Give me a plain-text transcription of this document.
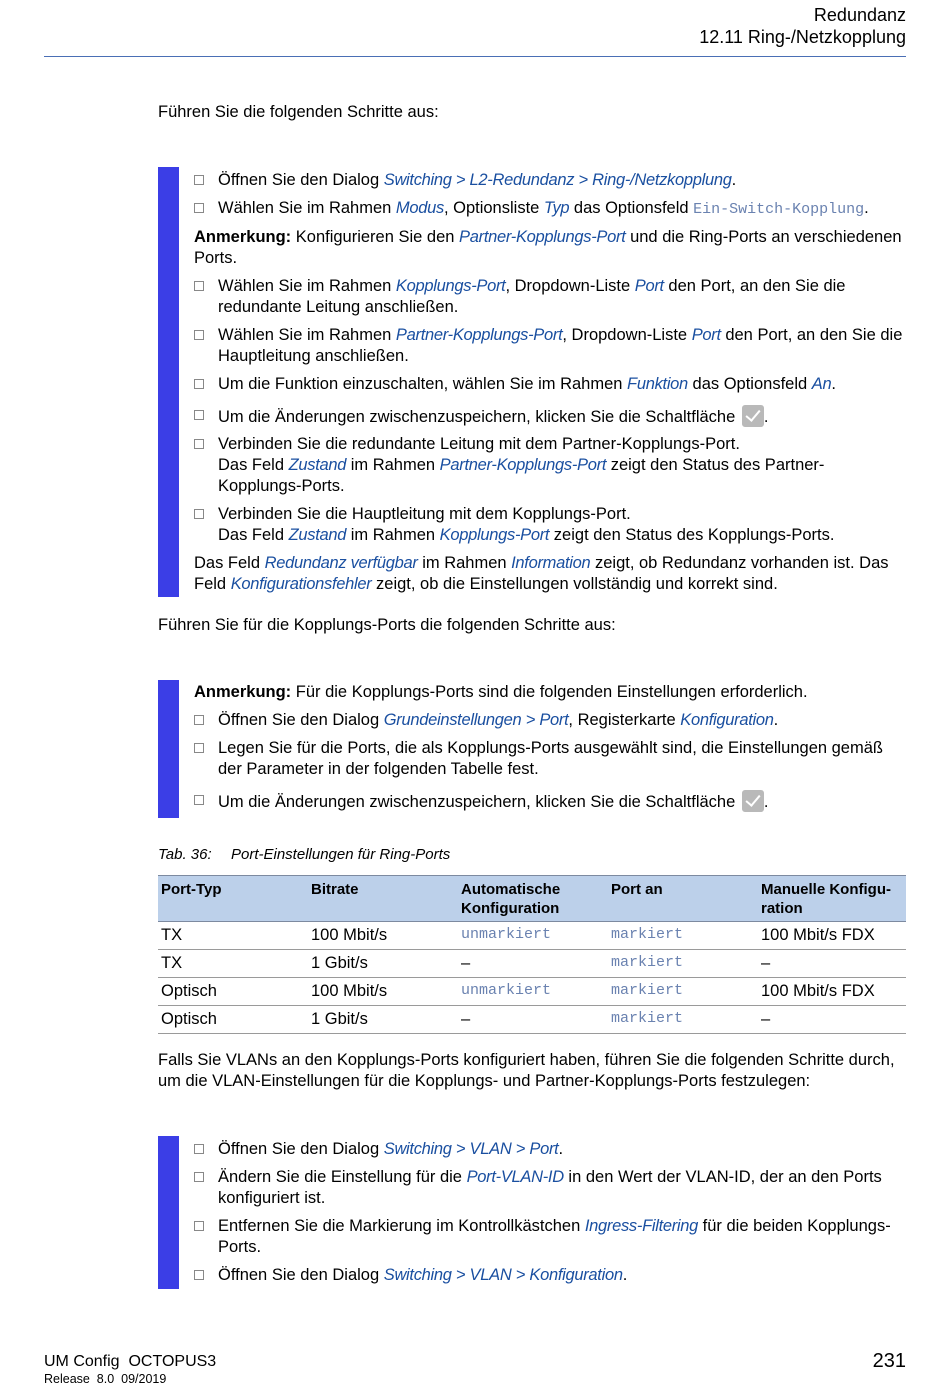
Redundanz
12.11 Ring-/Netzkopplung
Führen Sie die folgenden Schritte aus:
Öffnen Sie den Dialog Switching > L2-Redundanz > Ring-/Netzkopplung.
Wählen Sie im Rahmen Modus, Optionsliste Typ das Optionsfeld Ein-Switch-Kopplung.
Anmerkung: Konfigurieren Sie den Partner-Kopplungs-Port und die Ring-Ports an verschiedenen Ports.
Wählen Sie im Rahmen Kopplungs-Port, Dropdown-Liste Port den Port, an den Sie die redundante Leitung anschließen.
Wählen Sie im Rahmen Partner-Kopplungs-Port, Dropdown-Liste Port den Port, an den Sie die Hauptleitung anschließen.
Um die Funktion einzuschalten, wählen Sie im Rahmen Funktion das Optionsfeld An.
Um die Änderungen zwischenzuspeichern, klicken Sie die Schaltfläche .
Verbinden Sie die redundante Leitung mit dem Partner-Kopplungs-Port.
Das Feld Zustand im Rahmen Partner-Kopplungs-Port zeigt den Status des Partner-Kopplungs-Ports.
Verbinden Sie die Hauptleitung mit dem Kopplungs-Port.
Das Feld Zustand im Rahmen Kopplungs-Port zeigt den Status des Kopplungs-Ports.
Das Feld Redundanz verfügbar im Rahmen Information zeigt, ob Redundanz vorhanden ist. Das Feld Konfigurationsfehler zeigt, ob die Einstellungen vollständig und korrekt sind.
Führen Sie für die Kopplungs-Ports die folgenden Schritte aus:
Anmerkung: Für die Kopplungs-Ports sind die folgenden Einstellungen erforderlich.
Öffnen Sie den Dialog Grundeinstellungen > Port, Registerkarte Konfiguration.
Legen Sie für die Ports, die als Kopplungs-Ports ausgewählt sind, die Einstellungen gemäß der Parameter in der folgenden Tabelle fest.
Um die Änderungen zwischenzuspeichern, klicken Sie die Schaltfläche .
Tab. 36: Port-Einstellungen für Ring-Ports
Port-Typ	Bitrate	Automatische Konfiguration	Port an	Manuelle Konfigu-ration
TX	100 Mbit/s	unmarkiert	markiert	100 Mbit/s FDX
TX	1 Gbit/s	–	markiert	–
Optisch	100 Mbit/s	unmarkiert	markiert	100 Mbit/s FDX
Optisch	1 Gbit/s	–	markiert	–
Falls Sie VLANs an den Kopplungs-Ports konfiguriert haben, führen Sie die folgenden Schritte durch, um die VLAN-Einstellungen für die Kopplungs- und Partner-Kopplungs-Ports festzulegen:
Öffnen Sie den Dialog Switching > VLAN > Port.
Ändern Sie die Einstellung für die Port-VLAN-ID in den Wert der VLAN-ID, der an den Ports konfiguriert ist.
Entfernen Sie die Markierung im Kontrollkästchen Ingress-Filtering für die beiden Kopplungs-Ports.
Öffnen Sie den Dialog Switching > VLAN > Konfiguration.
UM Config  OCTOPUS3
Release  8.0  09/2019
231
